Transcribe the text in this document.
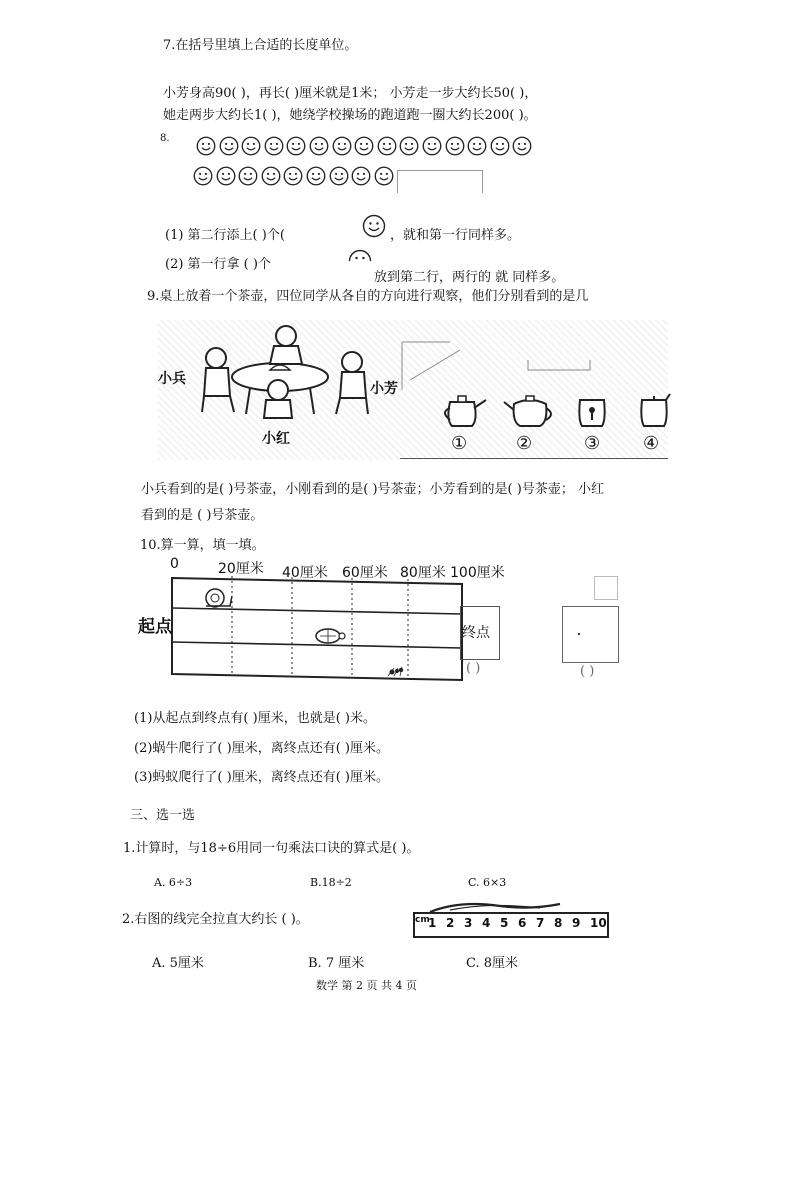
7.在括号里填上合适的长度单位。
小芳身高90( )，再长( )厘米就是1米； 小芳走一步大约长50( )，
她走两步大约长1( )，她绕学校操场的跑道跑一圈大约长200( )。
8.
(1) 第二行添上( )个(	，就和第一行同样多。
(2) 第一行拿 ( )个
放到第二行，两行的 就 同样多。
9.桌上放着一个茶壶，四位同学从各自的方向进行观察，他们分别看到的是几
小兵
小芳
小红	①	②	③ ④
小兵看到的是( )号茶壶，小刚看到的是( )号茶壶；小芳看到的是( )号茶壶； 小红
看到的是 ( )号茶壶。
10.算一算，填一填。
0	20厘米 40厘米 60厘米 80厘米 100厘米
起点	终点
( )	( )
(1)从起点到终点有( )厘米，也就是( )米。
(2)蜗牛爬行了( )厘米，离终点还有( )厘米。
(3)蚂蚁爬行了( )厘米，离终点还有( )厘米。
三、选一选
1.计算时，与18÷6用同一句乘法口诀的算式是( )。
A. 6÷3	B.18÷2	C. 6×3
2.右图的线完全拉直大约长 ( )。	cm
1 2 3 4 5 6 7 8 9 10
A. 5厘米	B. 7 厘米	C. 8厘米
数学 第 2 页 共 4 页
